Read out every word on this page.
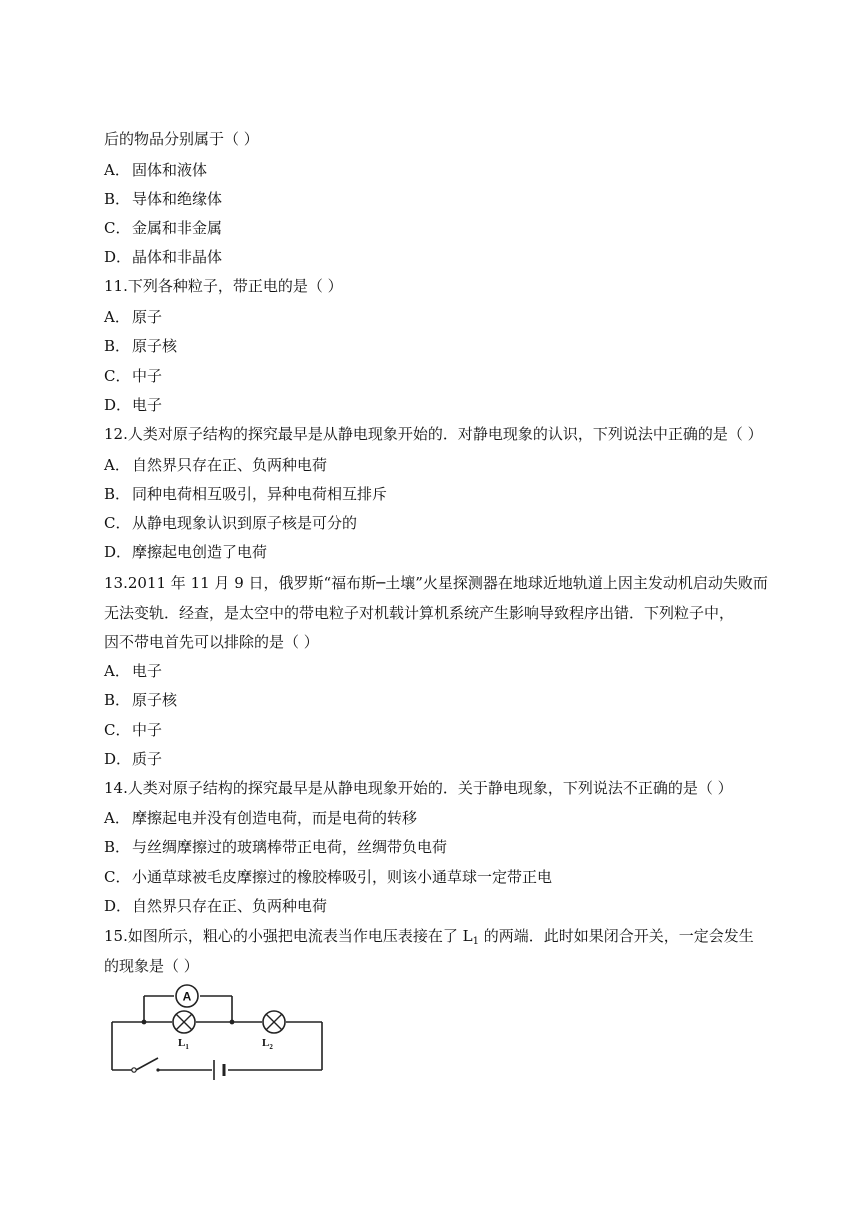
后的物品分别属于（ ）
A． 固体和液体
B． 导体和绝缘体
C． 金属和非金属
D．晶体和非晶体
11.下列各种粒子，带正电的是（ ）
A． 原子
B． 原子核
C． 中子
D．电子
12.人类对原子结构的探究最早是从静电现象开始的．对静电现象的认识，下列说法中正确的是（ ）
A． 自然界只存在正、负两种电荷
B． 同种电荷相互吸引，异种电荷相互排斥
C． 从静电现象认识到原子核是可分的
D．摩擦起电创造了电荷
13.2011 年 11 月 9 日，俄罗斯“福布斯─土壤”火星探测器在地球近地轨道上因主发动机启动失败而
无法变轨．经查，是太空中的带电粒子对机载计算机系统产生影响导致程序出错．下列粒子中，
因不带电首先可以排除的是（ ）
A． 电子
B． 原子核
C． 中子
D．质子
14.人类对原子结构的探究最早是从静电现象开始的．关于静电现象，下列说法不正确的是（ ）
A． 摩擦起电并没有创造电荷，而是电荷的转移
B． 与丝绸摩擦过的玻璃棒带正电荷，丝绸带负电荷
C． 小通草球被毛皮摩擦过的橡胶棒吸引，则该小通草球一定带正电
D．自然界只存在正、负两种电荷
15.如图所示，粗心的小强把电流表当作电压表接在了 $L_1$ 的两端．此时如果闭合开关，一定会发生
的现象是（ ）
A
$L_1$	$L_2$
